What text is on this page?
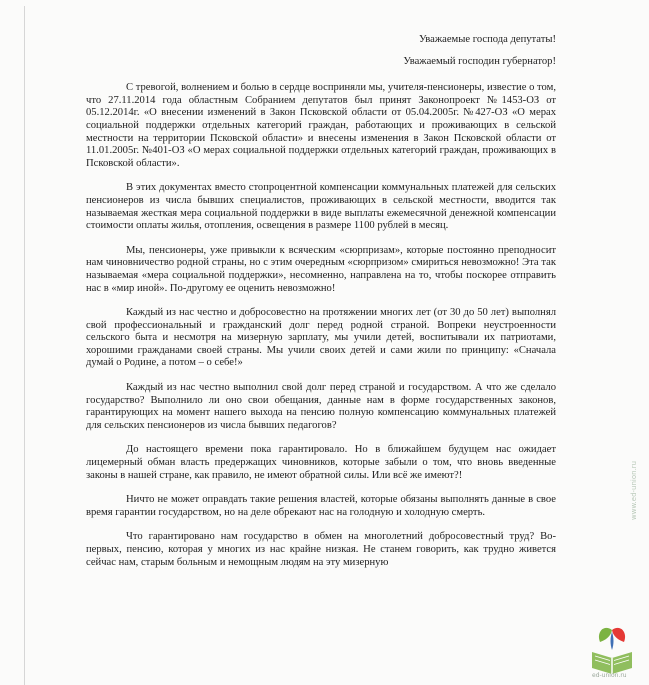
Уважаемые господа депутаты!

Уважаемый господин губернатор!

С тревогой, волнением и болью в сердце восприняли мы, учителя-пенсионеры, известие о том, что 27.11.2014 года областным Собранием депутатов был принят Законопроект №1453-ОЗ от 05.12.2014г. «О внесении изменений в Закон Псковской области от 05.04.2005г. №427-ОЗ «О мерах социальной поддержки отдельных категорий граждан, работающих и проживающих в сельской местности на территории Псковской области» и внесены изменения в Закон Псковской области от 11.01.2005г. №401-ОЗ «О мерах социальной поддержки отдельных категорий граждан, проживающих в Псковской области».

В этих документах вместо стопроцентной компенсации коммунальных платежей для сельских пенсионеров из числа бывших специалистов, проживающих в сельской местности, вводится так называемая жесткая мера социальной поддержки в виде выплаты ежемесячной денежной компенсации стоимости оплаты жилья, отопления, освещения в размере 1100 рублей в месяц.

Мы, пенсионеры, уже привыкли к всяческим «сюрпризам», которые постоянно преподносит нам чиновничество родной страны, но с этим очередным «сюрпризом» смириться невозможно! Эта так называемая «мера социальной поддержки», несомненно, направлена на то, чтобы поскорее отправить нас в «мир иной». По-другому ее оценить невозможно!

Каждый из нас честно и добросовестно на протяжении многих лет (от 30 до 50 лет) выполнял свой профессиональный и гражданский долг перед родной страной. Вопреки неустроенности сельского быта и несмотря на мизерную зарплату, мы учили детей, воспитывали их патриотами, хорошими гражданами своей страны. Мы учили своих детей и сами жили по принципу: «Сначала думай о Родине, а потом – о себе!»

Каждый из нас честно выполнил свой долг перед страной и государством. А что же сделало государство? Выполнило ли оно свои обещания, данные нам в форме государственных законов, гарантирующих на момент нашего выхода на пенсию полную компенсацию коммунальных платежей для сельских пенсионеров из числа бывших педагогов?

До настоящего времени пока гарантировало. Но в ближайшем будущем нас ожидает лицемерный обман власть предержащих чиновников, которые забыли о том, что вновь введенные законы в нашей стране, как правило, не имеют обратной силы. Или всё же имеют?!

Ничто не может оправдать такие решения властей, которые обязаны выполнять данные в свое время гарантии государством, но на деле обрекают нас на голодную и холодную смерть.

Что гарантировано нам государство в обмен на многолетний добросовестный труд? Во-первых, пенсию, которая у многих из нас крайне низкая. Не станем говорить, как трудно живется сейчас нам, старым больным и немощным людям на эту мизерную

www.ed-union.ru
ed-union.ru
